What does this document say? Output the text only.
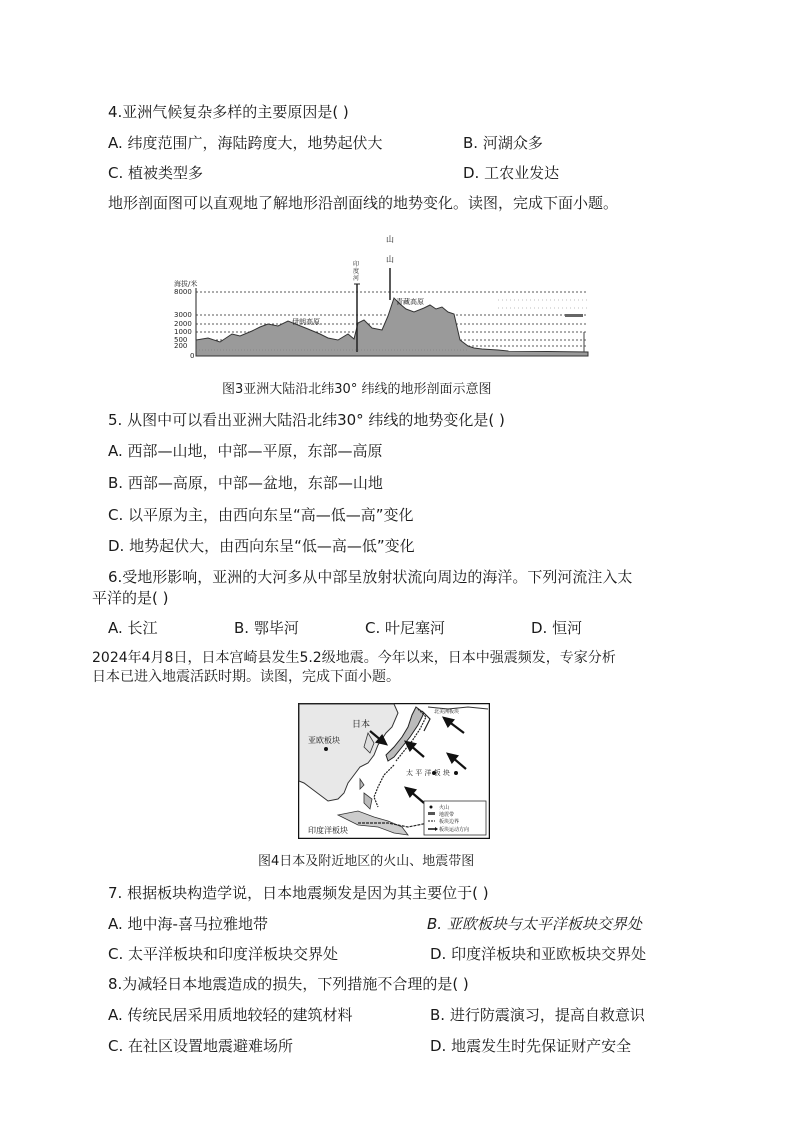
4.亚洲气候复杂多样的主要原因是( )
A. 纬度范围广，海陆跨度大，地势起伏大	B. 河湖众多
C. 植被类型多	D. 工农业发达
地形剖面图可以直观地了解地形沿剖面线的地势变化。读图，完成下面小题。
海拔/米
8000
3000
2000
1000
500
200
0
伊朗高原
青藏高原
山
山
印
度
河
图3亚洲大陆沿北纬30° 纬线的地形剖面示意图
5. 从图中可以看出亚洲大陆沿北纬30° 纬线的地势变化是( )
A. 西部—山地，中部—平原，东部—高原
B. 西部—高原，中部—盆地，东部—山地
C. 以平原为主，由西向东呈“高—低—高”变化
D. 地势起伏大，由西向东呈“低—高—低”变化
6.受地形影响，亚洲的大河多从中部呈放射状流向周边的海洋。下列河流注入太
平洋的是( )
A. 长江	B. 鄂毕河	C. 叶尼塞河	D. 恒河
2024年4月8日，日本宫崎县发生5.2级地震。今年以来，日本中强震频发，专家分析
日本已进入地震活跃时期。读图，完成下面小题。
火山
地震带
板块边界
板块运动方向
日本
亚欧板块
太 平 洋 板 块
印度洋板块
北美洲板块
图4日本及附近地区的火山、地震带图
7. 根据板块构造学说，日本地震频发是因为其主要位于( )
A. 地中海-喜马拉雅地带	B. 亚欧板块与太平洋板块交界处
C. 太平洋板块和印度洋板块交界处	D. 印度洋板块和亚欧板块交界处
8.为减轻日本地震造成的损失，下列措施不合理的是( )
A. 传统民居采用质地较轻的建筑材料	B. 进行防震演习，提高自救意识
C. 在社区设置地震避难场所	D. 地震发生时先保证财产安全
